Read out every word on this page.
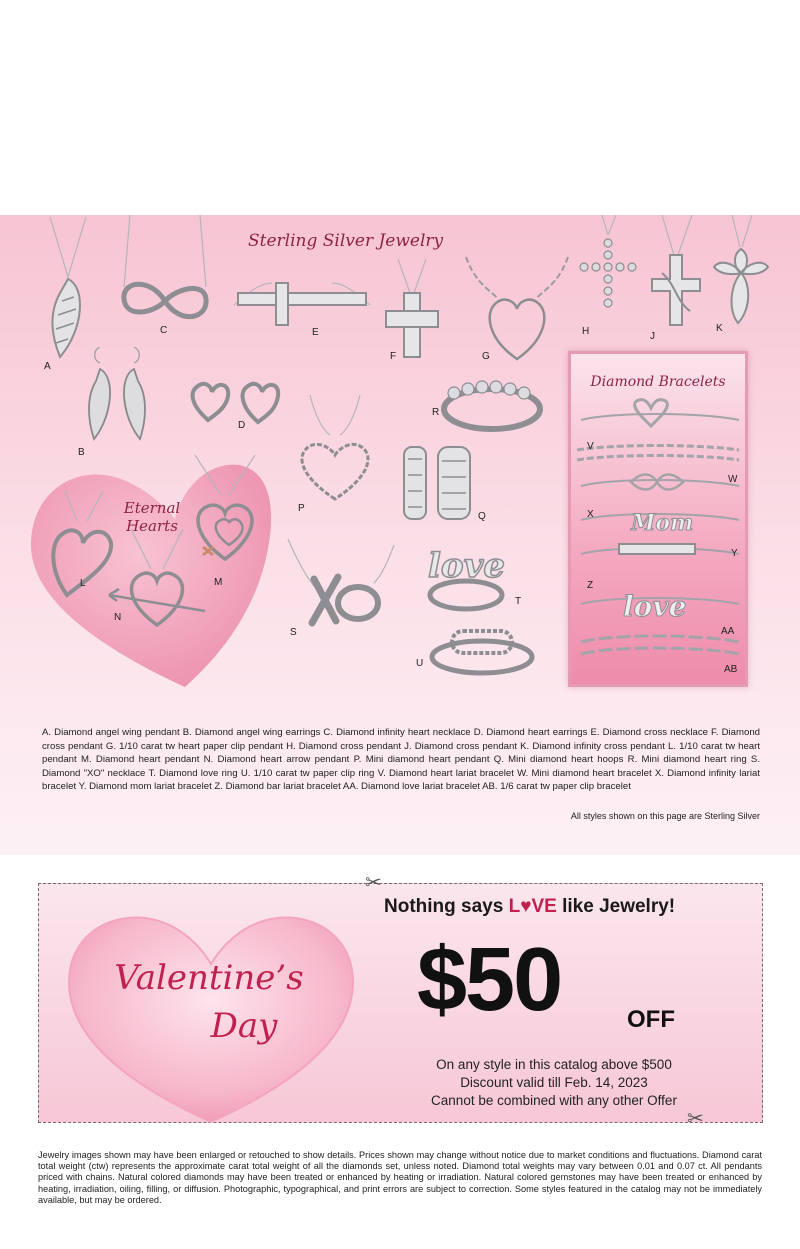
Sterling Silver Jewelry
A
B
C
D
E
F	G
H	J
K
P
Q
R
S
love
T
U
Eternal Hearts
L
N
M
Diamond Bracelets
Mom
love
V
W
X
Y
Z
AA
AB

A. Diamond angel wing pendant B. Diamond angel wing earrings C. Diamond infinity heart necklace D. Diamond heart earrings E. Diamond cross necklace F. Diamond cross pendant G. 1/10 carat tw heart paper clip pendant H. Diamond cross pendant J. Diamond cross pendant K. Diamond infinity cross pendant L. 1/10 carat tw heart pendant M. Diamond heart pendant N. Diamond heart arrow pendant P. Mini diamond heart pendant Q. Mini diamond heart hoops R. Mini diamond heart ring S. Diamond "XO" necklace T. Diamond love ring U. 1/10 carat tw paper clip ring V. Diamond heart lariat bracelet W. Mini diamond heart bracelet X. Diamond infinity lariat bracelet Y. Diamond mom lariat bracelet Z. Diamond bar lariat bracelet AA. Diamond love lariat bracelet AB. 1/6 carat tw paper clip bracelet

All styles shown on this page are Sterling Silver
✂
✂
Valentine’s
Day
Nothing says L♥VE like Jewelry!
$50	OFF
On any style in this catalog above $500
Discount valid till Feb. 14, 2023
Cannot be combined with any other Offer

Jewelry images shown may have been enlarged or retouched to show details. Prices shown may change without notice due to market conditions and fluctuations. Diamond carat total weight (ctw) represents the approximate carat total weight of all the diamonds set, unless noted. Diamond total weights may vary between 0.01 and 0.07 ct. All pendants priced with chains. Natural colored diamonds may have been treated or enhanced by heating or irradiation. Natural colored gemstones may have been treated or enhanced by heating, irradiation, oiling, filling, or diffusion. Photographic, typographical, and print errors are subject to correction. Some styles featured in the catalog may not be immediately available, but may be ordered.
